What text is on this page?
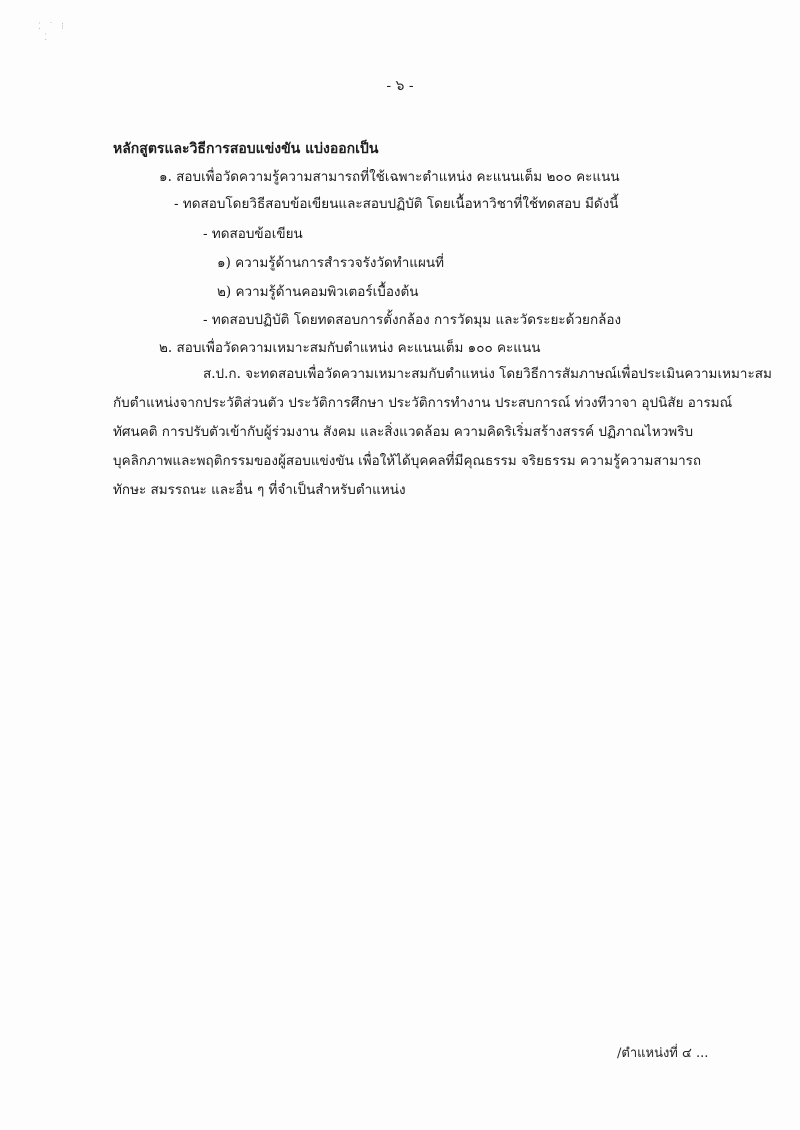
⁚ ˙ ⁝
⁚
- ๖ -
หลักสูตรและวิธีการสอบแข่งขัน แบ่งออกเป็น
๑. สอบเพื่อวัดความรู้ความสามารถที่ใช้เฉพาะตำแหน่ง คะแนนเต็ม ๒๐๐ คะแนน
- ทดสอบโดยวิธีสอบข้อเขียนและสอบปฏิบัติ โดยเนื้อหาวิชาที่ใช้ทดสอบ มีดังนี้
- ทดสอบข้อเขียน
๑) ความรู้ด้านการสำรวจรังวัดทำแผนที่
๒) ความรู้ด้านคอมพิวเตอร์เบื้องต้น
- ทดสอบปฏิบัติ โดยทดสอบการตั้งกล้อง การวัดมุม และวัดระยะด้วยกล้อง
๒. สอบเพื่อวัดความเหมาะสมกับตำแหน่ง คะแนนเต็ม ๑๐๐ คะแนน
ส.ป.ก. จะทดสอบเพื่อวัดความเหมาะสมกับตำแหน่ง โดยวิธีการสัมภาษณ์เพื่อประเมินความเหมาะสม
กับตำแหน่งจากประวัติส่วนตัว ประวัติการศึกษา ประวัติการทำงาน ประสบการณ์ ท่วงทีวาจา อุปนิสัย อารมณ์
ทัศนคติ การปรับตัวเข้ากับผู้ร่วมงาน สังคม และสิ่งแวดล้อม ความคิดริเริ่มสร้างสรรค์ ปฏิภาณไหวพริบ
บุคลิกภาพและพฤติกรรมของผู้สอบแข่งขัน เพื่อให้ได้บุคคลที่มีคุณธรรม จริยธรรม ความรู้ความสามารถ
ทักษะ สมรรถนะ และอื่น ๆ ที่จำเป็นสำหรับตำแหน่ง
/ตำแหน่งที่ ๔ ...
